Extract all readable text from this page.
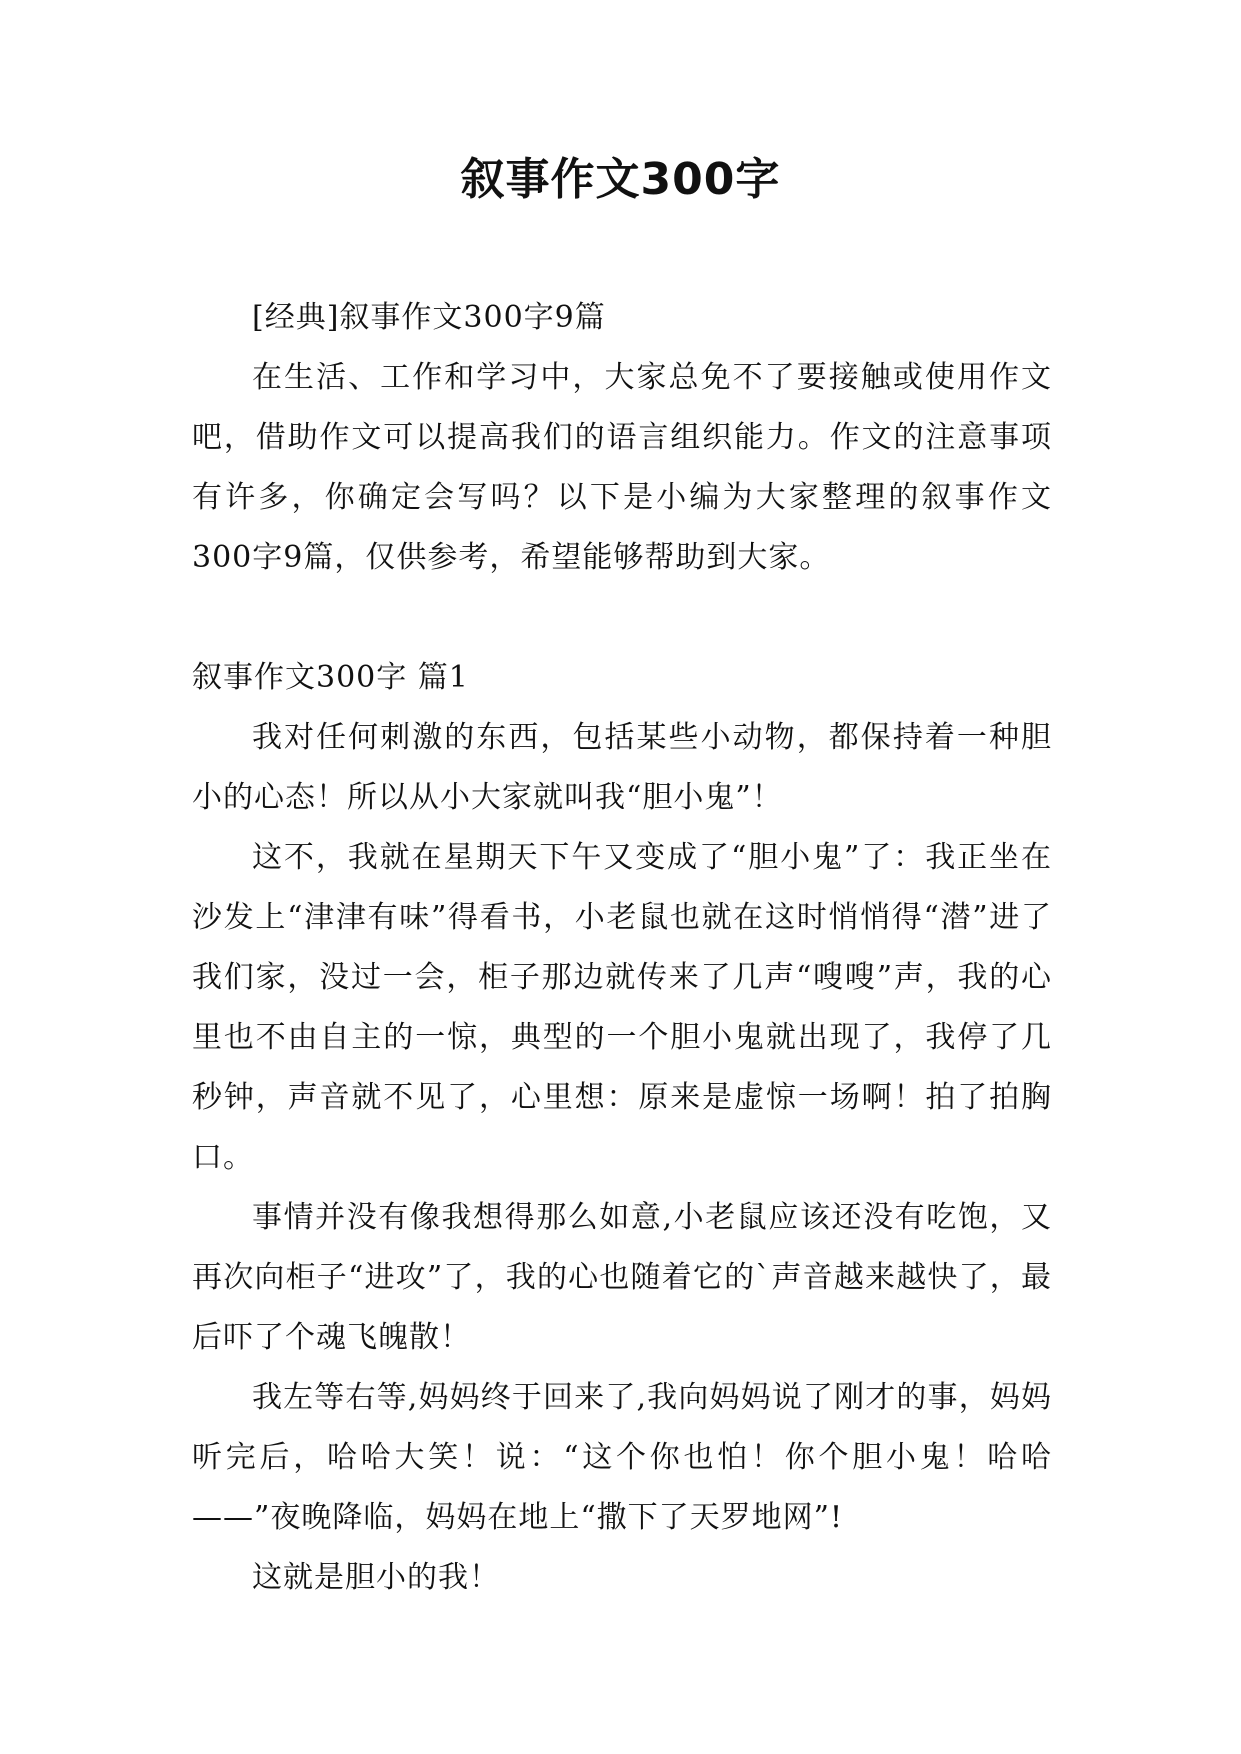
叙事作文300字

[经典]叙事作文300字9篇

在生活、工作和学习中，大家总免不了要接触或使用作文吧，借助作文可以提高我们的语言组织能力。作文的注意事项有许多，你确定会写吗？以下是小编为大家整理的叙事作文300字9篇，仅供参考，希望能够帮助到大家。

叙事作文300字 篇1

我对任何刺激的东西，包括某些小动物，都保持着一种胆小的心态！所以从小大家就叫我“胆小鬼”！

这不，我就在星期天下午又变成了“胆小鬼”了：我正坐在沙发上“津津有味”得看书，小老鼠也就在这时悄悄得“潜”进了我们家，没过一会，柜子那边就传来了几声“嗖嗖”声，我的心里也不由自主的一惊，典型的一个胆小鬼就出现了，我停了几秒钟，声音就不见了，心里想：原来是虚惊一场啊！拍了拍胸口。

事情并没有像我想得那么如意,小老鼠应该还没有吃饱，又再次向柜子“进攻”了，我的心也随着它的`声音越来越快了，最后吓了个魂飞魄散！

我左等右等,妈妈终于回来了,我向妈妈说了刚才的事，妈妈听完后，哈哈大笑！说：“这个你也怕！你个胆小鬼！哈哈——”夜晚降临，妈妈在地上“撒下了天罗地网”!

这就是胆小的我！
